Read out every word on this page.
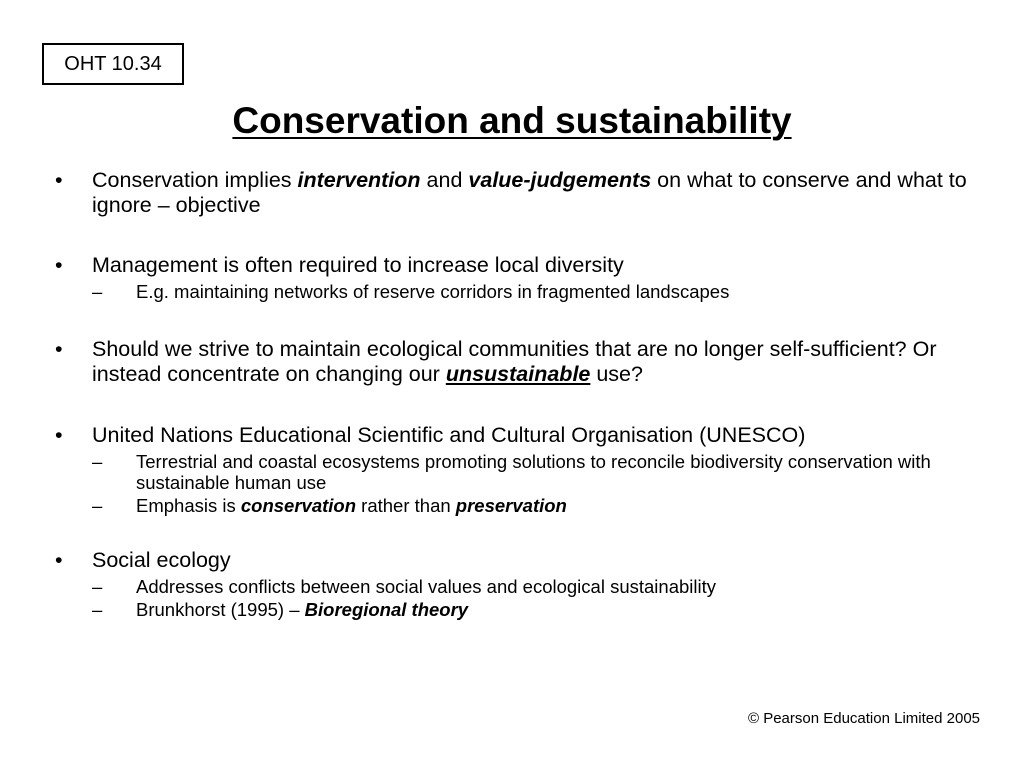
OHT 10.34
Conservation and sustainability
• Conservation implies intervention and value-judgements on what to conserve and what to ignore – objective
• Management is often required to increase local diversity
– E.g. maintaining networks of reserve corridors in fragmented landscapes
• Should we strive to maintain ecological communities that are no longer self-sufficient? Or instead concentrate on changing our unsustainable use?
• United Nations Educational Scientific and Cultural Organisation (UNESCO)
– Terrestrial and coastal ecosystems promoting solutions to reconcile biodiversity conservation with sustainable human use
– Emphasis is conservation rather than preservation
• Social ecology
– Addresses conflicts between social values and ecological sustainability
– Brunkhorst (1995) – Bioregional theory
© Pearson Education Limited 2005
